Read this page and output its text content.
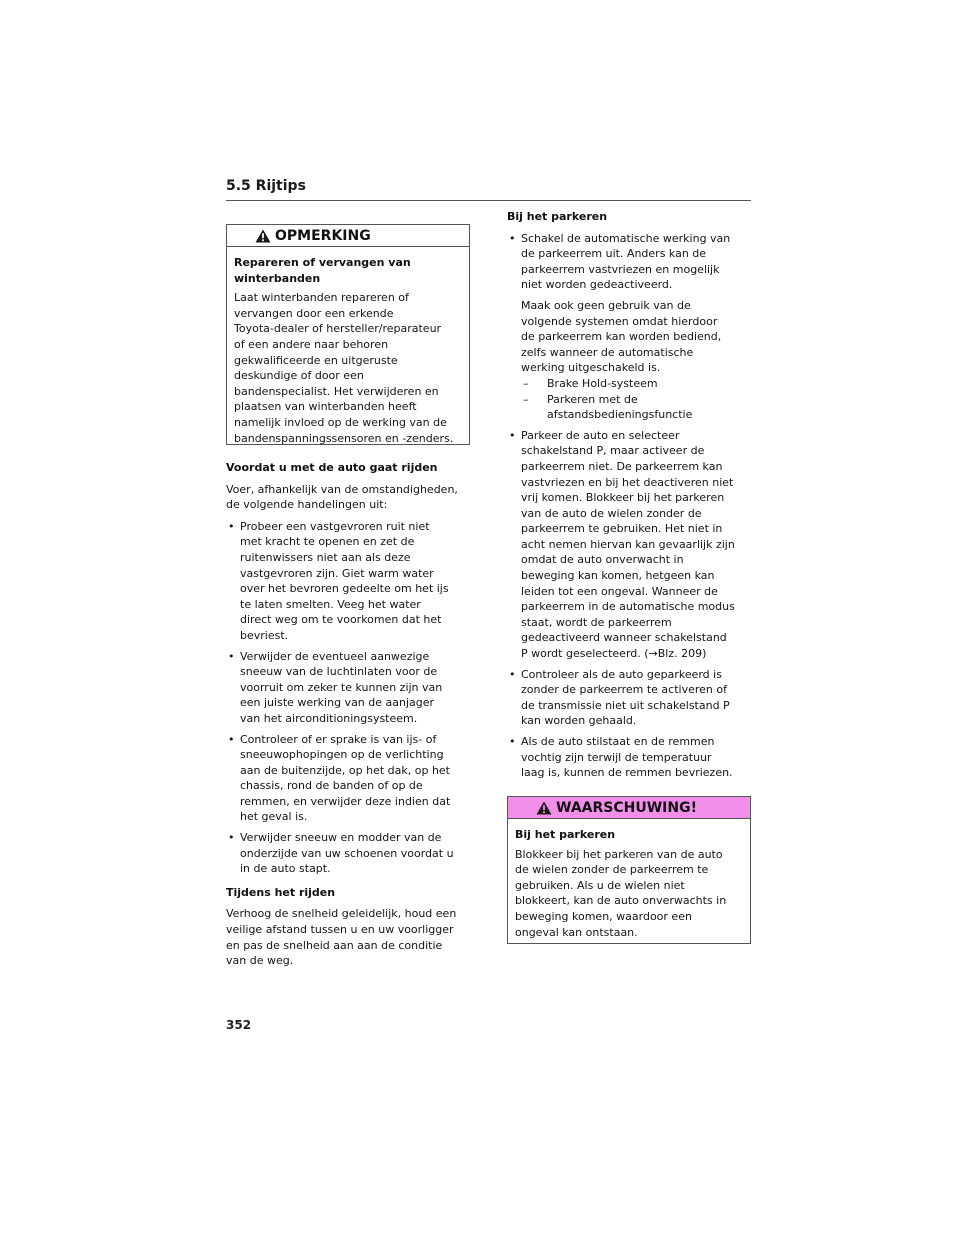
5.5 Rijtips
OPMERKING
Repareren of vervangen van
winterbanden
Laat winterbanden repareren of
vervangen door een erkende
Toyota-dealer of hersteller/reparateur
of een andere naar behoren
gekwalificeerde en uitgeruste
deskundige of door een
bandenspecialist. Het verwijderen en
plaatsen van winterbanden heeft
namelijk invloed op de werking van de
bandenspanningssensoren en -zenders.
Voordat u met de auto gaat rijden
Voer, afhankelijk van de omstandigheden,
de volgende handelingen uit:
• Probeer een vastgevroren ruit niet
met kracht te openen en zet de
ruitenwissers niet aan als deze
vastgevroren zijn. Giet warm water
over het bevroren gedeelte om het ijs
te laten smelten. Veeg het water
direct weg om te voorkomen dat het
bevriest.
• Verwijder de eventueel aanwezige
sneeuw van de luchtinlaten voor de
voorruit om zeker te kunnen zijn van
een juiste werking van de aanjager
van het airconditioningsysteem.
• Controleer of er sprake is van ijs- of
sneeuwophopingen op de verlichting
aan de buitenzijde, op het dak, op het
chassis, rond de banden of op de
remmen, en verwijder deze indien dat
het geval is.
• Verwijder sneeuw en modder van de
onderzijde van uw schoenen voordat u
in de auto stapt.
Tijdens het rijden
Verhoog de snelheid geleidelijk, houd een
veilige afstand tussen u en uw voorligger
en pas de snelheid aan aan de conditie
van de weg.
Bij het parkeren
• Schakel de automatische werking van
de parkeerrem uit. Anders kan de
parkeerrem vastvriezen en mogelijk
niet worden gedeactiveerd.
Maak ook geen gebruik van de
volgende systemen omdat hierdoor
de parkeerrem kan worden bediend,
zelfs wanneer de automatische
werking uitgeschakeld is.
– Brake Hold-systeem
– Parkeren met de
afstandsbedieningsfunctie
• Parkeer de auto en selecteer
schakelstand P, maar activeer de
parkeerrem niet. De parkeerrem kan
vastvriezen en bij het deactiveren niet
vrij komen. Blokkeer bij het parkeren
van de auto de wielen zonder de
parkeerrem te gebruiken. Het niet in
acht nemen hiervan kan gevaarlijk zijn
omdat de auto onverwacht in
beweging kan komen, hetgeen kan
leiden tot een ongeval. Wanneer de
parkeerrem in de automatische modus
staat, wordt de parkeerrem
gedeactiveerd wanneer schakelstand
P wordt geselecteerd. (→Blz. 209)
• Controleer als de auto geparkeerd is
zonder de parkeerrem te activeren of
de transmissie niet uit schakelstand P
kan worden gehaald.
• Als de auto stilstaat en de remmen
vochtig zijn terwijl de temperatuur
laag is, kunnen de remmen bevriezen.
WAARSCHUWING!
Bij het parkeren
Blokkeer bij het parkeren van de auto
de wielen zonder de parkeerrem te
gebruiken. Als u de wielen niet
blokkeert, kan de auto onverwachts in
beweging komen, waardoor een
ongeval kan ontstaan.
352
